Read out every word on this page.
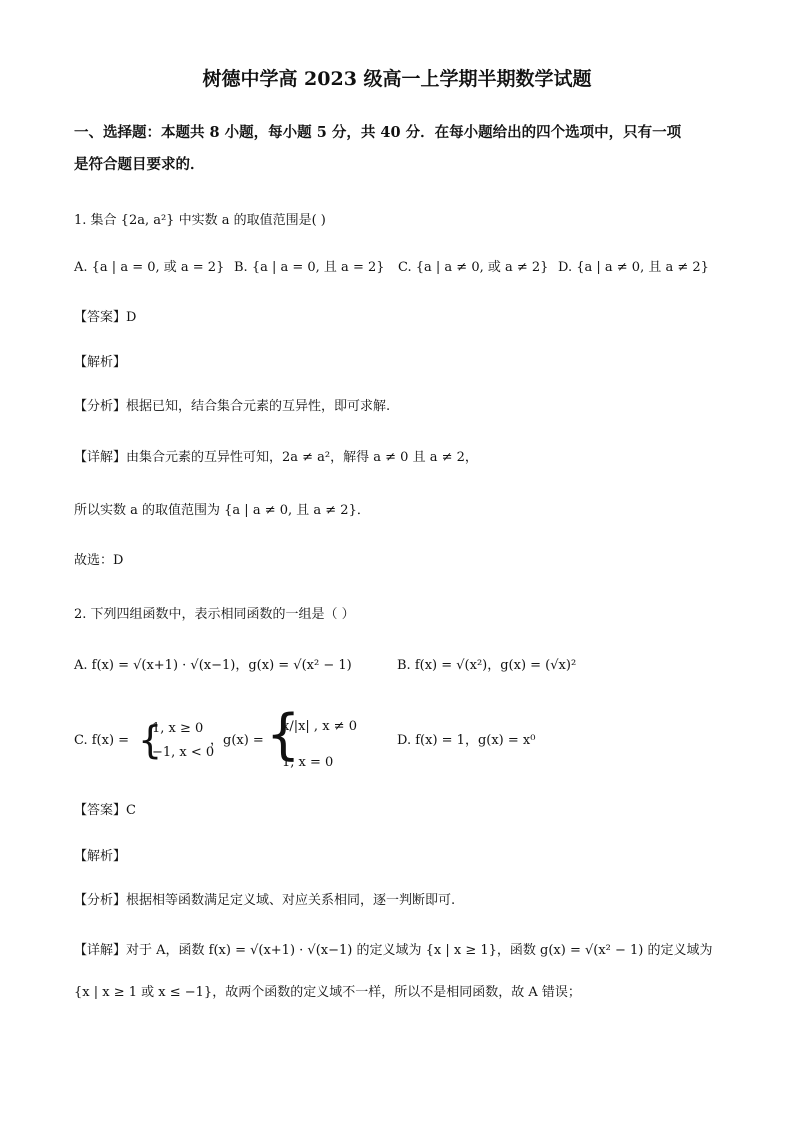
树德中学高 2023 级高一上学期半期数学试题
一、选择题：本题共 8 小题，每小题 5 分，共 40 分．在每小题给出的四个选项中，只有一项
是符合题目要求的．
1. 集合 {2a, a²} 中实数 a 的取值范围是( )
A. {a | a = 0, 或 a = 2} B. {a | a = 0, 且 a = 2} C. {a | a ≠ 0, 或 a ≠ 2} D. {a | a ≠ 0, 且 a ≠ 2}
【答案】D
【解析】
【分析】根据已知，结合集合元素的互异性，即可求解.
【详解】由集合元素的互异性可知，2a ≠ a²，解得 a ≠ 0 且 a ≠ 2，
所以实数 a 的取值范围为 {a | a ≠ 0, 且 a ≠ 2}．
故选：D
2. 下列四组函数中，表示相同函数的一组是（ ）
A. f(x) = √(x+1) · √(x−1)，g(x) = √(x² − 1)	B. f(x) = √(x²)，g(x) = (√x)²
C. f(x) = {
1, x ≥ 0
−1, x < 0
，g(x) = {
x/|x| , x ≠ 0
1, x = 0
D. f(x) = 1，g(x) = x⁰
【答案】C
【解析】
【分析】根据相等函数满足定义域、对应关系相同，逐一判断即可.
【详解】对于 A，函数 f(x) = √(x+1) · √(x−1) 的定义域为 {x | x ≥ 1}，函数 g(x) = √(x² − 1) 的定义域为
{x | x ≥ 1 或 x ≤ −1}，故两个函数的定义域不一样，所以不是相同函数，故 A 错误；
